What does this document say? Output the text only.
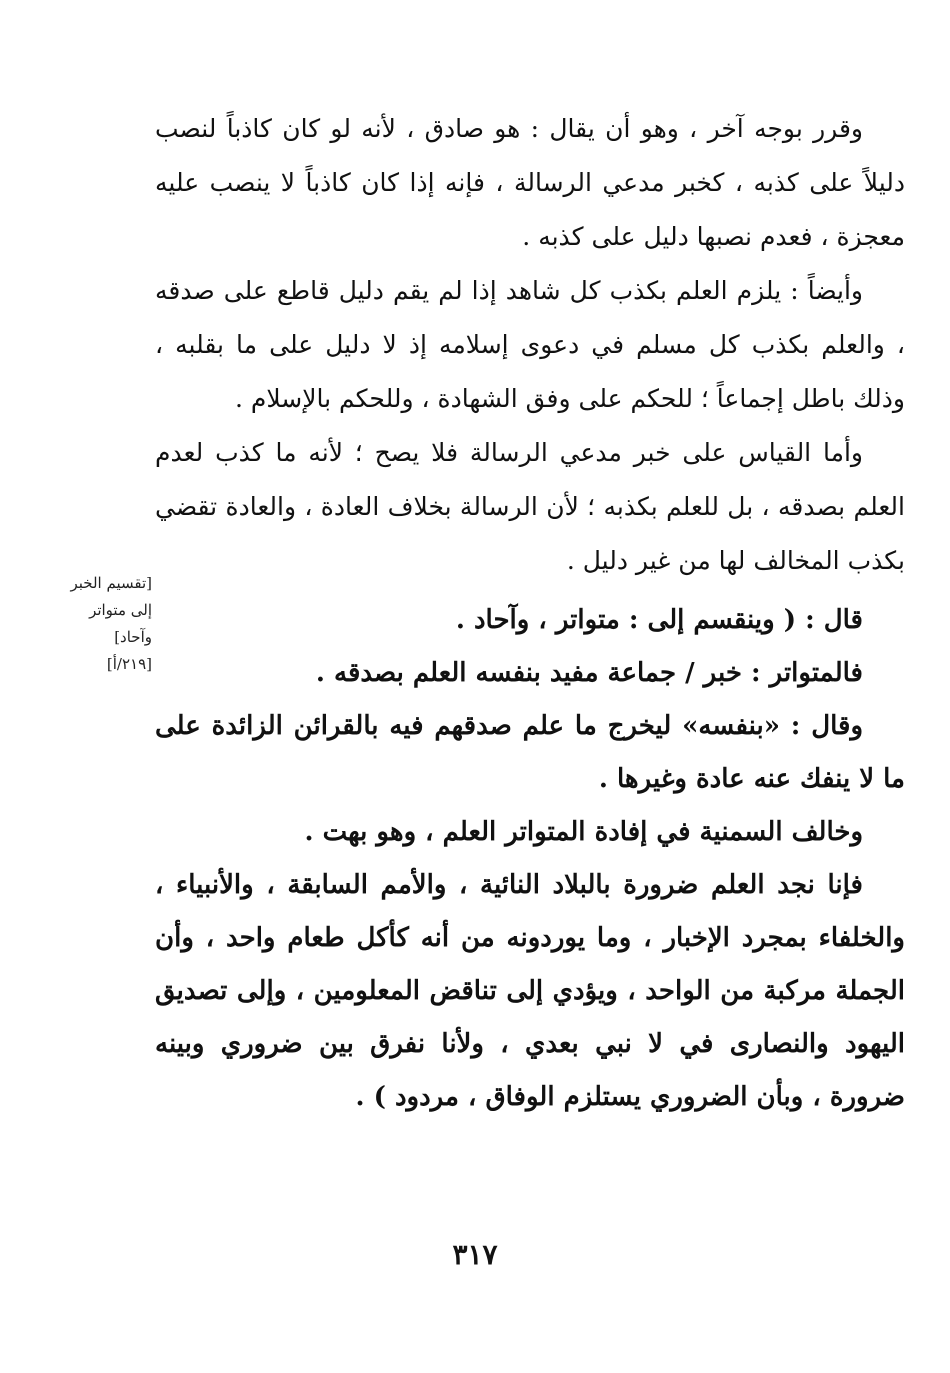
وقرر بوجه آخر ، وهو أن يقال : هو صادق ، لأنه لو كان كاذباً لنصب دليلاً على كذبه ، كخبر مدعي الرسالة ، فإنه إذا كان كاذباً لا ينصب عليه معجزة ، فعدم نصبها دليل على كذبه .

وأيضاً : يلزم العلم بكذب كل شاهد إذا لم يقم دليل قاطع على صدقه ، والعلم بكذب كل مسلم في دعوى إسلامه إذ لا دليل على ما بقلبه ، وذلك باطل إجماعاً ؛ للحكم على وفق الشهادة ، وللحكم بالإسلام .

وأما القياس على خبر مدعي الرسالة فلا يصح ؛ لأنه ما كذب لعدم العلم بصدقه ، بل للعلم بكذبه ؛ لأن الرسالة بخلاف العادة ، والعادة تقضي بكذب المخالف لها من غير دليل .

قال : ( وينقسم إلى : متواتر ، وآحاد .

فالمتواتر : خبر / جماعة مفيد بنفسه العلم بصدقه .

وقال : «بنفسه» ليخرج ما علم صدقهم فيه بالقرائن الزائدة على ما لا ينفك عنه عادة وغيرها .

وخالف السمنية في إفادة المتواتر العلم ، وهو بهت .

فإنا نجد العلم ضرورة بالبلاد النائية ، والأمم السابقة ، والأنبياء ، والخلفاء بمجرد الإخبار ، وما يوردونه من أنه كأكل طعام واحد ، وأن الجملة مركبة من الواحد ، ويؤدي إلى تناقض المعلومين ، وإلى تصديق اليهود والنصارى في لا نبي بعدي ، ولأنا نفرق بين ضروري وبينه ضرورة ، وبأن الضروري يستلزم الوفاق ، مردود ) .

[تقسيم الخبر
إلى متواتر
وآحاد]
[٢١٩/أ]
٣١٧
